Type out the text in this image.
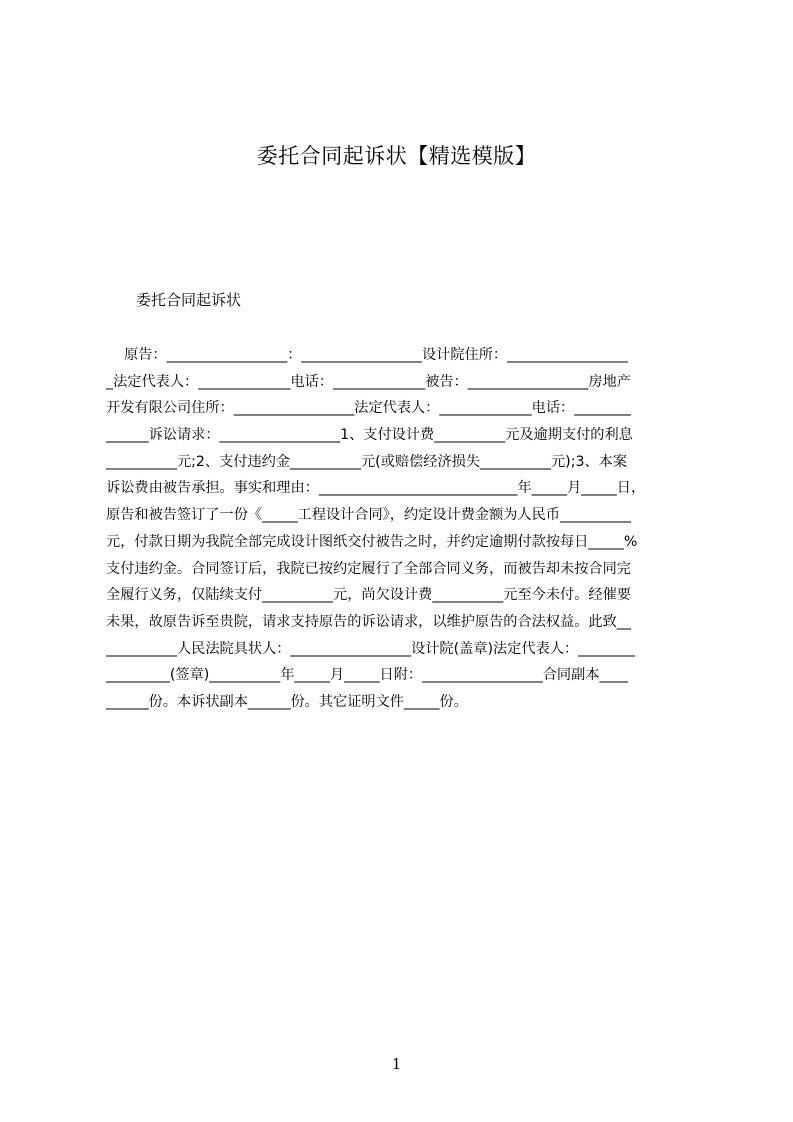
委托合同起诉状【精选模版】
委托合同起诉状
原告：_________________：_________________设计院住所：_________________
_法定代表人：_____________电话：_____________被告：_________________房地产
开发有限公司住所：_________________法定代表人：_____________电话：________
______诉讼请求：_________________1、支付设计费__________元及逾期支付的利息
__________元;2、支付违约金__________元(或赔偿经济损失__________元);3、本案
诉讼费由被告承担。事实和理由：____________________________年_____月_____日，
原告和被告签订了一份《_____工程设计合同》，约定设计费金额为人民币__________
元，付款日期为我院全部完成设计图纸交付被告之时，并约定逾期付款按每日_____%
支付违约金。合同签订后，我院已按约定履行了全部合同义务，而被告却未按合同完
全履行义务，仅陆续支付__________元，尚欠设计费__________元至今未付。经催要
未果，故原告诉至贵院，请求支持原告的诉讼请求，以维护原告的合法权益。此致__
__________人民法院具状人：_________________设计院(盖章)法定代表人：________
_________(签章)__________年_____月_____日附：_________________合同副本____
______份。本诉状副本______份。其它证明文件_____份。
1
